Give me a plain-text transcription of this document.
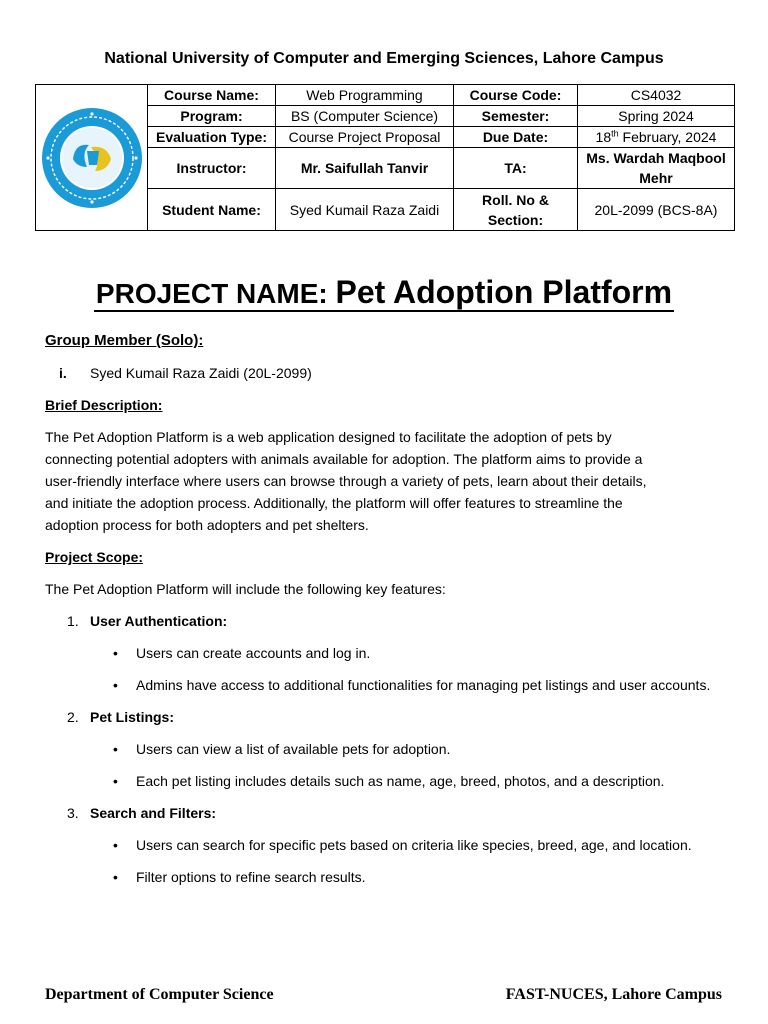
National University of Computer and Emerging Sciences, Lahore Campus
	Course Name:	Web Programming	Course Code:	CS4032
	Program:	BS (Computer Science)	Semester:	Spring 2024
	Evaluation Type:	Course Project Proposal	Due Date:	18th February, 2024
	Instructor:	Mr. Saifullah Tanvir	TA:	Ms. Wardah Maqbool Mehr
	Student Name:	Syed Kumail Raza Zaidi	Roll. No & Section:	20L-2099 (BCS-8A)
PROJECT NAME: Pet Adoption Platform
Group Member (Solo):
i. Syed Kumail Raza Zaidi (20L-2099)
Brief Description:
The Pet Adoption Platform is a web application designed to facilitate the adoption of pets by
connecting potential adopters with animals available for adoption. The platform aims to provide a
user-friendly interface where users can browse through a variety of pets, learn about their details,
and initiate the adoption process. Additionally, the platform will offer features to streamline the
adoption process for both adopters and pet shelters.
Project Scope:
The Pet Adoption Platform will include the following key features:
1. User Authentication:
• Users can create accounts and log in.
• Admins have access to additional functionalities for managing pet listings and user accounts.
2. Pet Listings:
• Users can view a list of available pets for adoption.
• Each pet listing includes details such as name, age, breed, photos, and a description.
3. Search and Filters:
• Users can search for specific pets based on criteria like species, breed, age, and location.
• Filter options to refine search results.
Department of Computer Science	FAST-NUCES, Lahore Campus
